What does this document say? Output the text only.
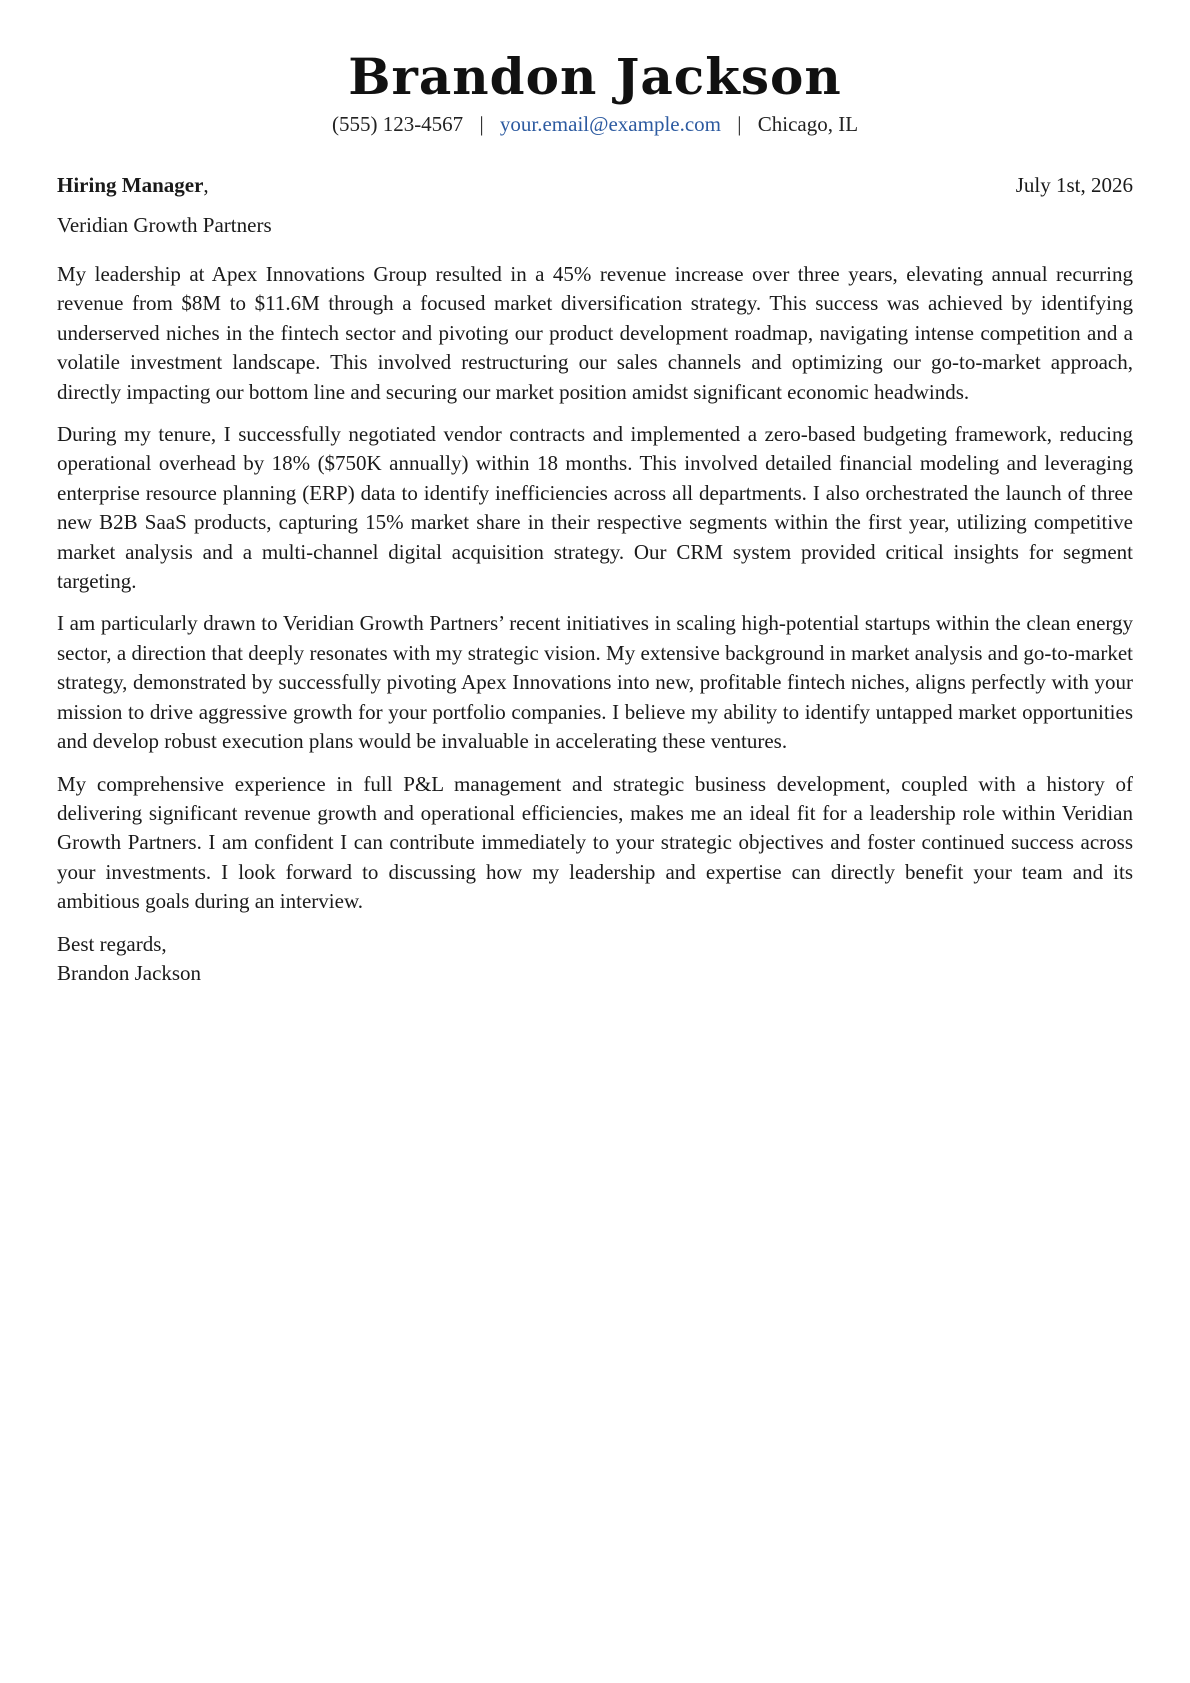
Brandon Jackson
(555) 123-4567 | your.email@example.com | Chicago, IL
Hiring Manager,	July 1st, 2026
Veridian Growth Partners

My leadership at Apex Innovations Group resulted in a 45% revenue increase over three years, elevating annual recurring revenue from $8M to $11.6M through a focused market diversification strategy. This success was achieved by identifying underserved niches in the fintech sector and pivoting our product development roadmap, navigating intense competition and a volatile investment landscape. This involved restructuring our sales channels and optimizing our go-to-market approach, directly impacting our bottom line and securing our market position amidst significant economic headwinds.

During my tenure, I successfully negotiated vendor contracts and implemented a zero-based budgeting framework, reducing operational overhead by 18% ($750K annually) within 18 months. This involved detailed financial modeling and leveraging enterprise resource planning (ERP) data to identify inefficiencies across all departments. I also orchestrated the launch of three new B2B SaaS products, capturing 15% market share in their respective segments within the first year, utilizing competitive market analysis and a multi-channel digital acquisition strategy. Our CRM system provided critical insights for segment targeting.

I am particularly drawn to Veridian Growth Partners’ recent initiatives in scaling high-potential startups within the clean energy sector, a direction that deeply resonates with my strategic vision. My extensive background in market analysis and go-to-market strategy, demonstrated by successfully pivoting Apex Innovations into new, profitable fintech niches, aligns perfectly with your mission to drive aggressive growth for your portfolio companies. I believe my ability to identify untapped market opportunities and develop robust execution plans would be invaluable in accelerating these ventures.

My comprehensive experience in full P&L management and strategic business development, coupled with a history of delivering significant revenue growth and operational efficiencies, makes me an ideal fit for a leadership role within Veridian Growth Partners. I am confident I can contribute immediately to your strategic objectives and foster continued success across your investments. I look forward to discussing how my leadership and expertise can directly benefit your team and its ambitious goals during an interview.

Best regards,
Brandon Jackson
